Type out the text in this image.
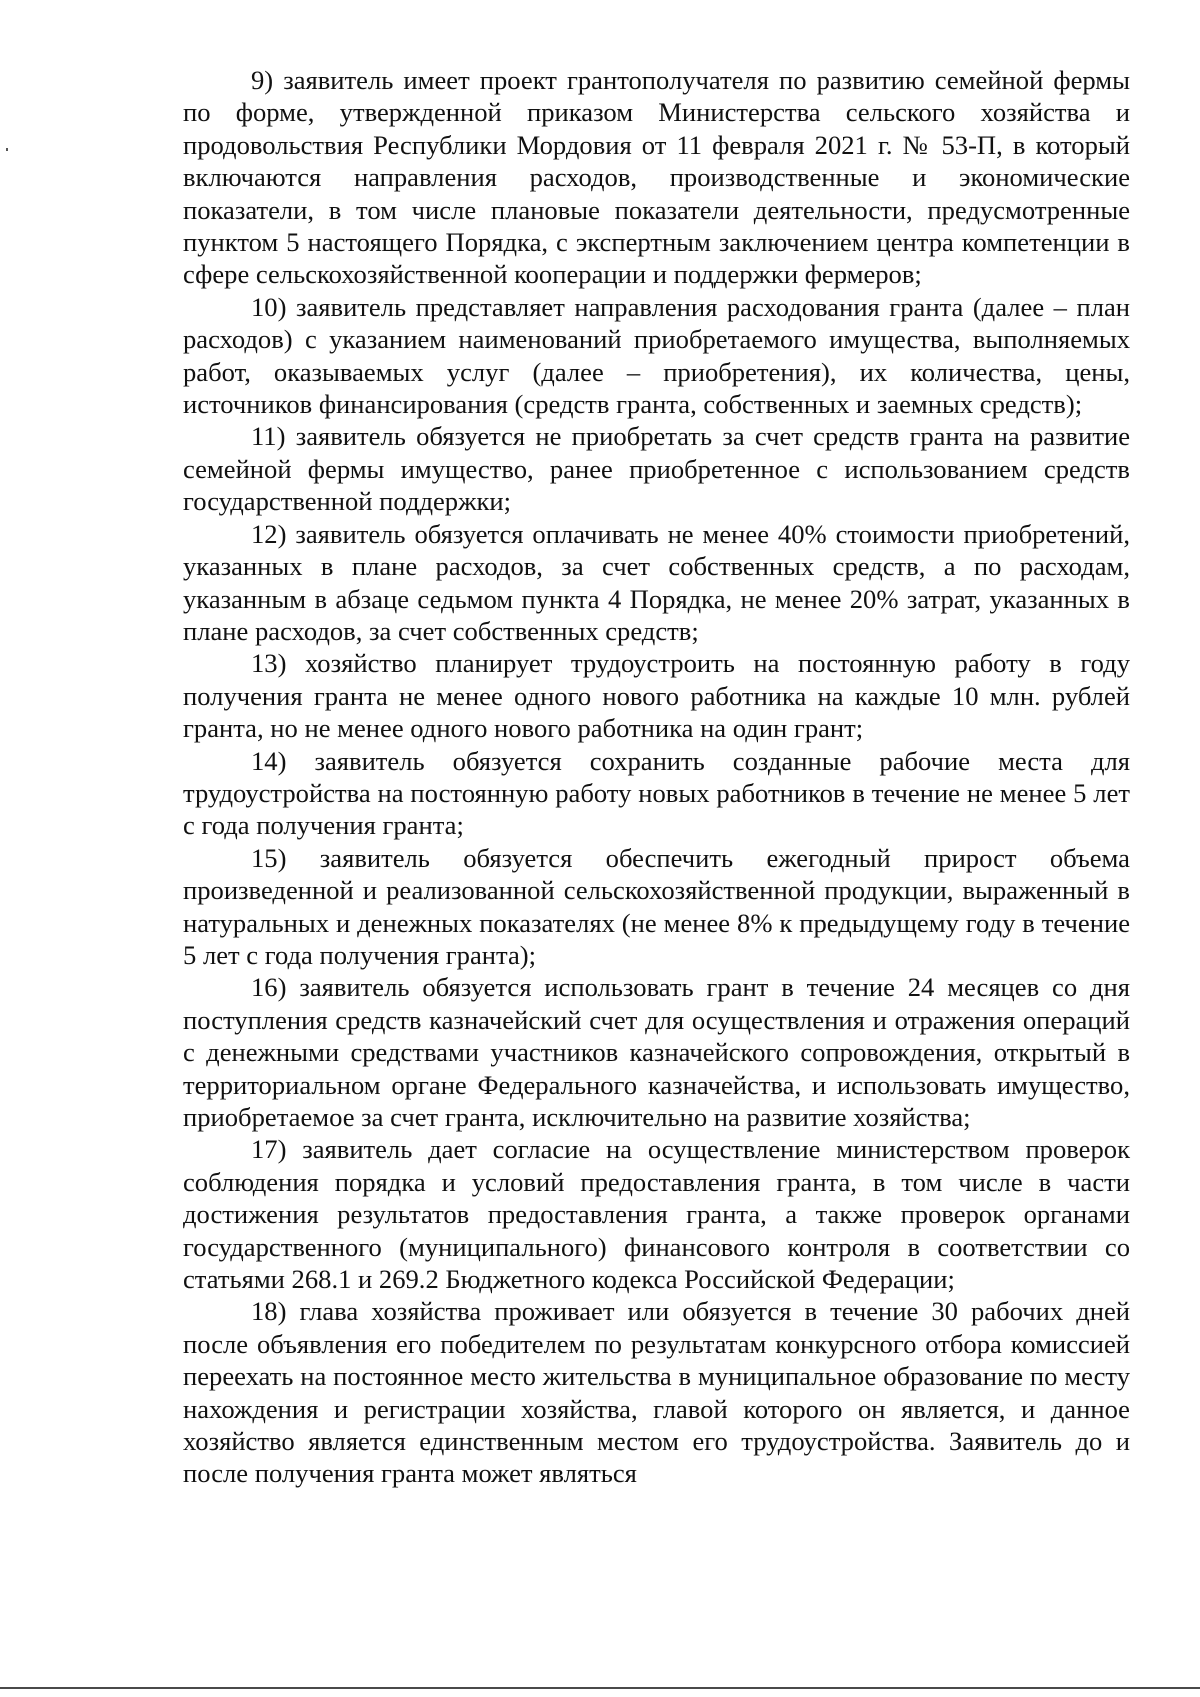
9) заявитель имеет проект грантополучателя по развитию семейной фермы по форме, утвержденной приказом Министерства сельского хозяйства и продовольствия Республики Мордовия от 11 февраля 2021 г. № 53-П, в который включаются направления расходов, производственные и экономические показатели, в том числе плановые показатели деятельности, предусмотренные пунктом 5 настоящего Порядка, с экспертным заключением центра компетенции в сфере сельскохозяйственной кооперации и поддержки фермеров;

10) заявитель представляет направления расходования гранта (далее – план расходов) с указанием наименований приобретаемого имущества, выполняемых работ, оказываемых услуг (далее – приобретения), их количества, цены, источников финансирования (средств гранта, собственных и заемных средств);

11) заявитель обязуется не приобретать за счет средств гранта на развитие семейной фермы имущество, ранее приобретенное с использованием средств государственной поддержки;

12) заявитель обязуется оплачивать не менее 40% стоимости приобретений, указанных в плане расходов, за счет собственных средств, а по расходам, указанным в абзаце седьмом пункта 4 Порядка, не менее 20% затрат, указанных в плане расходов, за счет собственных средств;

13) хозяйство планирует трудоустроить на постоянную работу в году получения гранта не менее одного нового работника на каждые 10 млн. рублей гранта, но не менее одного нового работника на один грант;

14) заявитель обязуется сохранить созданные рабочие места для трудоустройства на постоянную работу новых работников в течение не менее 5 лет с года получения гранта;

15) заявитель обязуется обеспечить ежегодный прирост объема произведенной и реализованной сельскохозяйственной продукции, выраженный в натуральных и денежных показателях (не менее 8% к предыдущему году в течение 5 лет с года получения гранта);

16) заявитель обязуется использовать грант в течение 24 месяцев со дня поступления средств казначейский счет для осуществления и отражения операций с денежными средствами участников казначейского сопровождения, открытый в территориальном органе Федерального казначейства, и использовать имущество, приобретаемое за счет гранта, исключительно на развитие хозяйства;

17) заявитель дает согласие на осуществление министерством проверок соблюдения порядка и условий предоставления гранта, в том числе в части достижения результатов предоставления гранта, а также проверок органами государственного (муниципального) финансового контроля в соответствии со статьями 268.1 и 269.2 Бюджетного кодекса Российской Федерации;

18) глава хозяйства проживает или обязуется в течение 30 рабочих дней после объявления его победителем по результатам конкурсного отбора комиссией переехать на постоянное место жительства в муниципальное образование по месту нахождения и регистрации хозяйства, главой которого он является, и данное хозяйство является единственным местом его трудоустройства. Заявитель до и после получения гранта может являться
